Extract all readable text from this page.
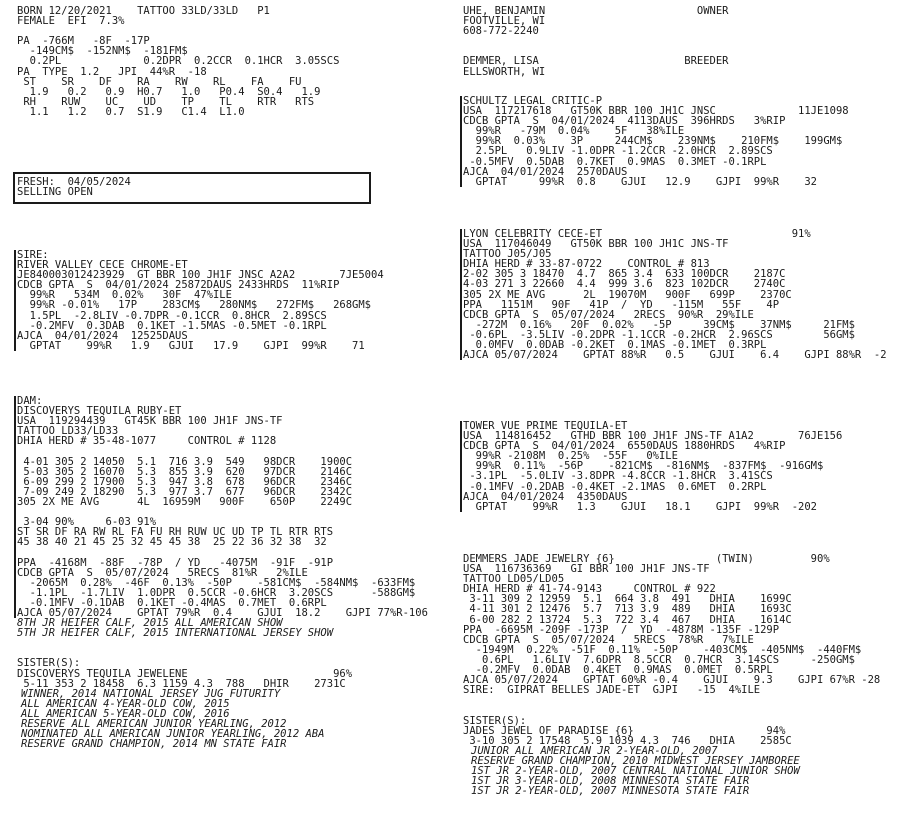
BORN 12/20/2021    TATTOO 33LD/33LD   P1
FEMALE  EFI  7.3%
PA  -766M   -8F  -17P
-149CM$  -152NM$  -181FM$
0.2PL             0.2DPR  0.2CCR  0.1HCR  3.05SCS
PA  TYPE  1.2   JPI  44%R  -18
ST    SR    DF    RA    RW    RL    FA    FU
1.9   0.2   0.9  H0.7   1.0   P0.4  S0.4   1.9
RH    RUW    UC    UD    TP    TL    RTR   RTS
1.1   1.2   0.7  S1.9   C1.4  L1.0
FRESH:  04/05/2024
SELLING OPEN
SIRE:
RIVER VALLEY CECE CHROME-ET
JE840003012423929  GT BBR 100 JH1F JNSC A2A2       7JE5004
CDCB GPTA  S  04/01/2024 25872DAUS 2433HRDS  11%RIP
99%R   534M  0.02%   30F  47%ILE
99%R -0.01%   17P    283CM$   280NM$   272FM$   268GM$
1.5PL  -2.8LIV -0.7DPR -0.1CCR  0.8HCR  2.89SCS
-0.2MFV  0.3DAB  0.1KET -1.5MAS -0.5MET -0.1RPL
AJCA  04/01/2024  12525DAUS
GPTAT    99%R   1.9   GJUI   17.9    GJPI  99%R    71
DAM:
DISCOVERYS TEQUILA RUBY-ET
USA  119294439   GT45K BBR 100 JH1F JNS-TF
TATTOO LD33/LD33
DHIA HERD # 35-48-1077     CONTROL # 1128
4-01 305 2 14050  5.1  716 3.9  549   98DCR    1900C
5-03 305 2 16070  5.3  855 3.9  620   97DCR    2146C
6-09 299 2 17900  5.3  947 3.8  678   96DCR    2346C
7-09 249 2 18290  5.3  977 3.7  677   96DCR    2342C
305 2X ME AVG      4L  16959M   900F    650P    2249C
3-04 90%     6-03 91%
ST SR DF RA RW RL FA FU RH RUW UC UD TP TL RTR RTS
45 38 40 21 45 25 32 45 45 38  25 22 36 32 38  32
PPA  -4168M  -88F  -78P  / YD   -4075M  -91F  -91P
CDCB GPTA  S  05/07/2024   5RECS  81%R   2%ILE
-2065M  0.28%  -46F  0.13%  -50P    -581CM$  -584NM$  -633FM$
-1.1PL  -1.7LIV  1.0DPR  0.5CCR -0.6HCR  3.20SCS      -588GM$
-0.1MFV -0.1DAB  0.1KET -0.4MAS  0.7MET  0.6RPL
AJCA 05/07/2024    GPTAT 79%R  0.4    GJUI  18.2    GJPI 77%R-106
8TH JR HEIFER CALF, 2015 ALL AMERICAN SHOW
5TH JR HEIFER CALF, 2015 INTERNATIONAL JERSEY SHOW
SISTER(S):
DISCOVERYS TEQUILA JEWELENE                       96%
5-11 353 2 18458  6.3 1159 4.3  788   DHIR    2731C
WINNER, 2014 NATIONAL JERSEY JUG FUTURITY
ALL AMERICAN 4-YEAR-OLD COW, 2015
ALL AMERICAN 5-YEAR-OLD COW, 2016
RESERVE ALL AMERICAN JUNIOR YEARLING, 2012
NOMINATED ALL AMERICAN JUNIOR YEARLING, 2012 ABA
RESERVE GRAND CHAMPION, 2014 MN STATE FAIR
UHE, BENJAMIN                        OWNER
FOOTVILLE, WI
608-772-2240
DEMMER, LISA                       BREEDER
ELLSWORTH, WI
SCHULTZ LEGAL CRITIC-P
USA  117217618   GT50K BBR 100 JH1C JNSC             11JE1098
CDCB GPTA  S  04/01/2024  4113DAUS  396HRDS   3%RIP
99%R   -79M  0.04%    5F   38%ILE
99%R  0.03%    3P     244CM$    239NM$    210FM$    199GM$
2.5PL   0.9LIV -1.0DPR -1.2CCR -2.0HCR  2.89SCS
-0.5MFV  0.5DAB  0.7KET  0.9MAS  0.3MET -0.1RPL
AJCA  04/01/2024  2570DAUS
GPTAT     99%R  0.8    GJUI   12.9    GJPI  99%R    32
LYON CELEBRITY CECE-ET                              91%
USA  117046049   GT50K BBR 100 JH1C JNS-TF
TATTOO J05/J05
DHIA HERD # 33-87-0722    CONTROL # 813
2-02 305 3 18470  4.7  865 3.4  633 100DCR    2187C
4-03 271 3 22660  4.4  999 3.6  823 102DCR    2740C
305 2X ME AVG      2L  19070M   900F   699P    2370C
PPA   1151M   90F   41P  /  YD   -115M   55F    4P
CDCB GPTA  S  05/07/2024   2RECS  90%R  29%ILE
-272M  0.16%   20F  0.02%   -5P     39CM$    37NM$     21FM$
-0.6PL  -3.5LIV -0.2DPR -1.1CCR -0.2HCR  2.96SCS        56GM$
0.0MFV  0.0DAB -0.2KET  0.1MAS -0.1MET  0.3RPL
AJCA 05/07/2024    GPTAT 88%R   0.5    GJUI    6.4    GJPI 88%R  -2
TOWER VUE PRIME TEQUILA-ET
USA  114816452   GTHD BBR 100 JH1F JNS-TF A1A2       76JE156
CDCB GPTA  S  04/01/2024  6550DAUS 1880HRDS   4%RIP
99%R -2108M  0.25%  -55F   0%ILE
99%R  0.11%  -56P    -821CM$  -816NM$  -837FM$  -916GM$
-3.1PL  -5.0LIV -3.8DPR -4.8CCR -1.8HCR  3.41SCS
-0.1MFV -0.2DAB -0.4KET -2.1MAS  0.6MET  0.2RPL
AJCA  04/01/2024  4350DAUS
GPTAT    99%R   1.3    GJUI   18.1    GJPI  99%R  -202
DEMMERS JADE JEWELRY {6}                (TWIN)         90%
USA  116736369   GI BBR 100 JH1F JNS-TF
TATTOO LD05/LD05
DHIA HERD # 41-74-9143     CONTROL # 922
3-11 309 2 12959  5.1  664 3.8  491   DHIA    1699C
4-11 301 2 12476  5.7  713 3.9  489   DHIA    1693C
6-00 282 2 13724  5.3  722 3.4  467   DHIA    1614C
PPA  -6695M -209F -173P  /  YD  -4878M -135F -129P
CDCB GPTA  S  05/07/2024   5RECS  78%R   7%ILE
-1949M  0.22%  -51F  0.11%  -50P    -403CM$  -405NM$  -440FM$
0.6PL   1.6LIV  7.6DPR  8.5CCR  0.7HCR  3.14SCS     -250GM$
-0.2MFV  0.0DAB  0.4KET  0.9MAS  0.0MET  0.5RPL
AJCA 05/07/2024    GPTAT 60%R -0.4    GJUI    9.3    GJPI 67%R -28
SIRE:  GIPRAT BELLES JADE-ET  GJPI   -15  4%ILE
SISTER(S):
JADES JEWEL OF PARADISE {6}                     94%
3-10 305 2 17548  5.9 1039 4.3  746   DHIA    2585C
JUNIOR ALL AMERICAN JR 2-YEAR-OLD, 2007
RESERVE GRAND CHAMPION, 2010 MIDWEST JERSEY JAMBOREE
1ST JR 2-YEAR-OLD, 2007 CENTRAL NATIONAL JUNIOR SHOW
1ST JR 3-YEAR-OLD, 2008 MINNESOTA STATE FAIR
1ST JR 2-YEAR-OLD, 2007 MINNESOTA STATE FAIR
